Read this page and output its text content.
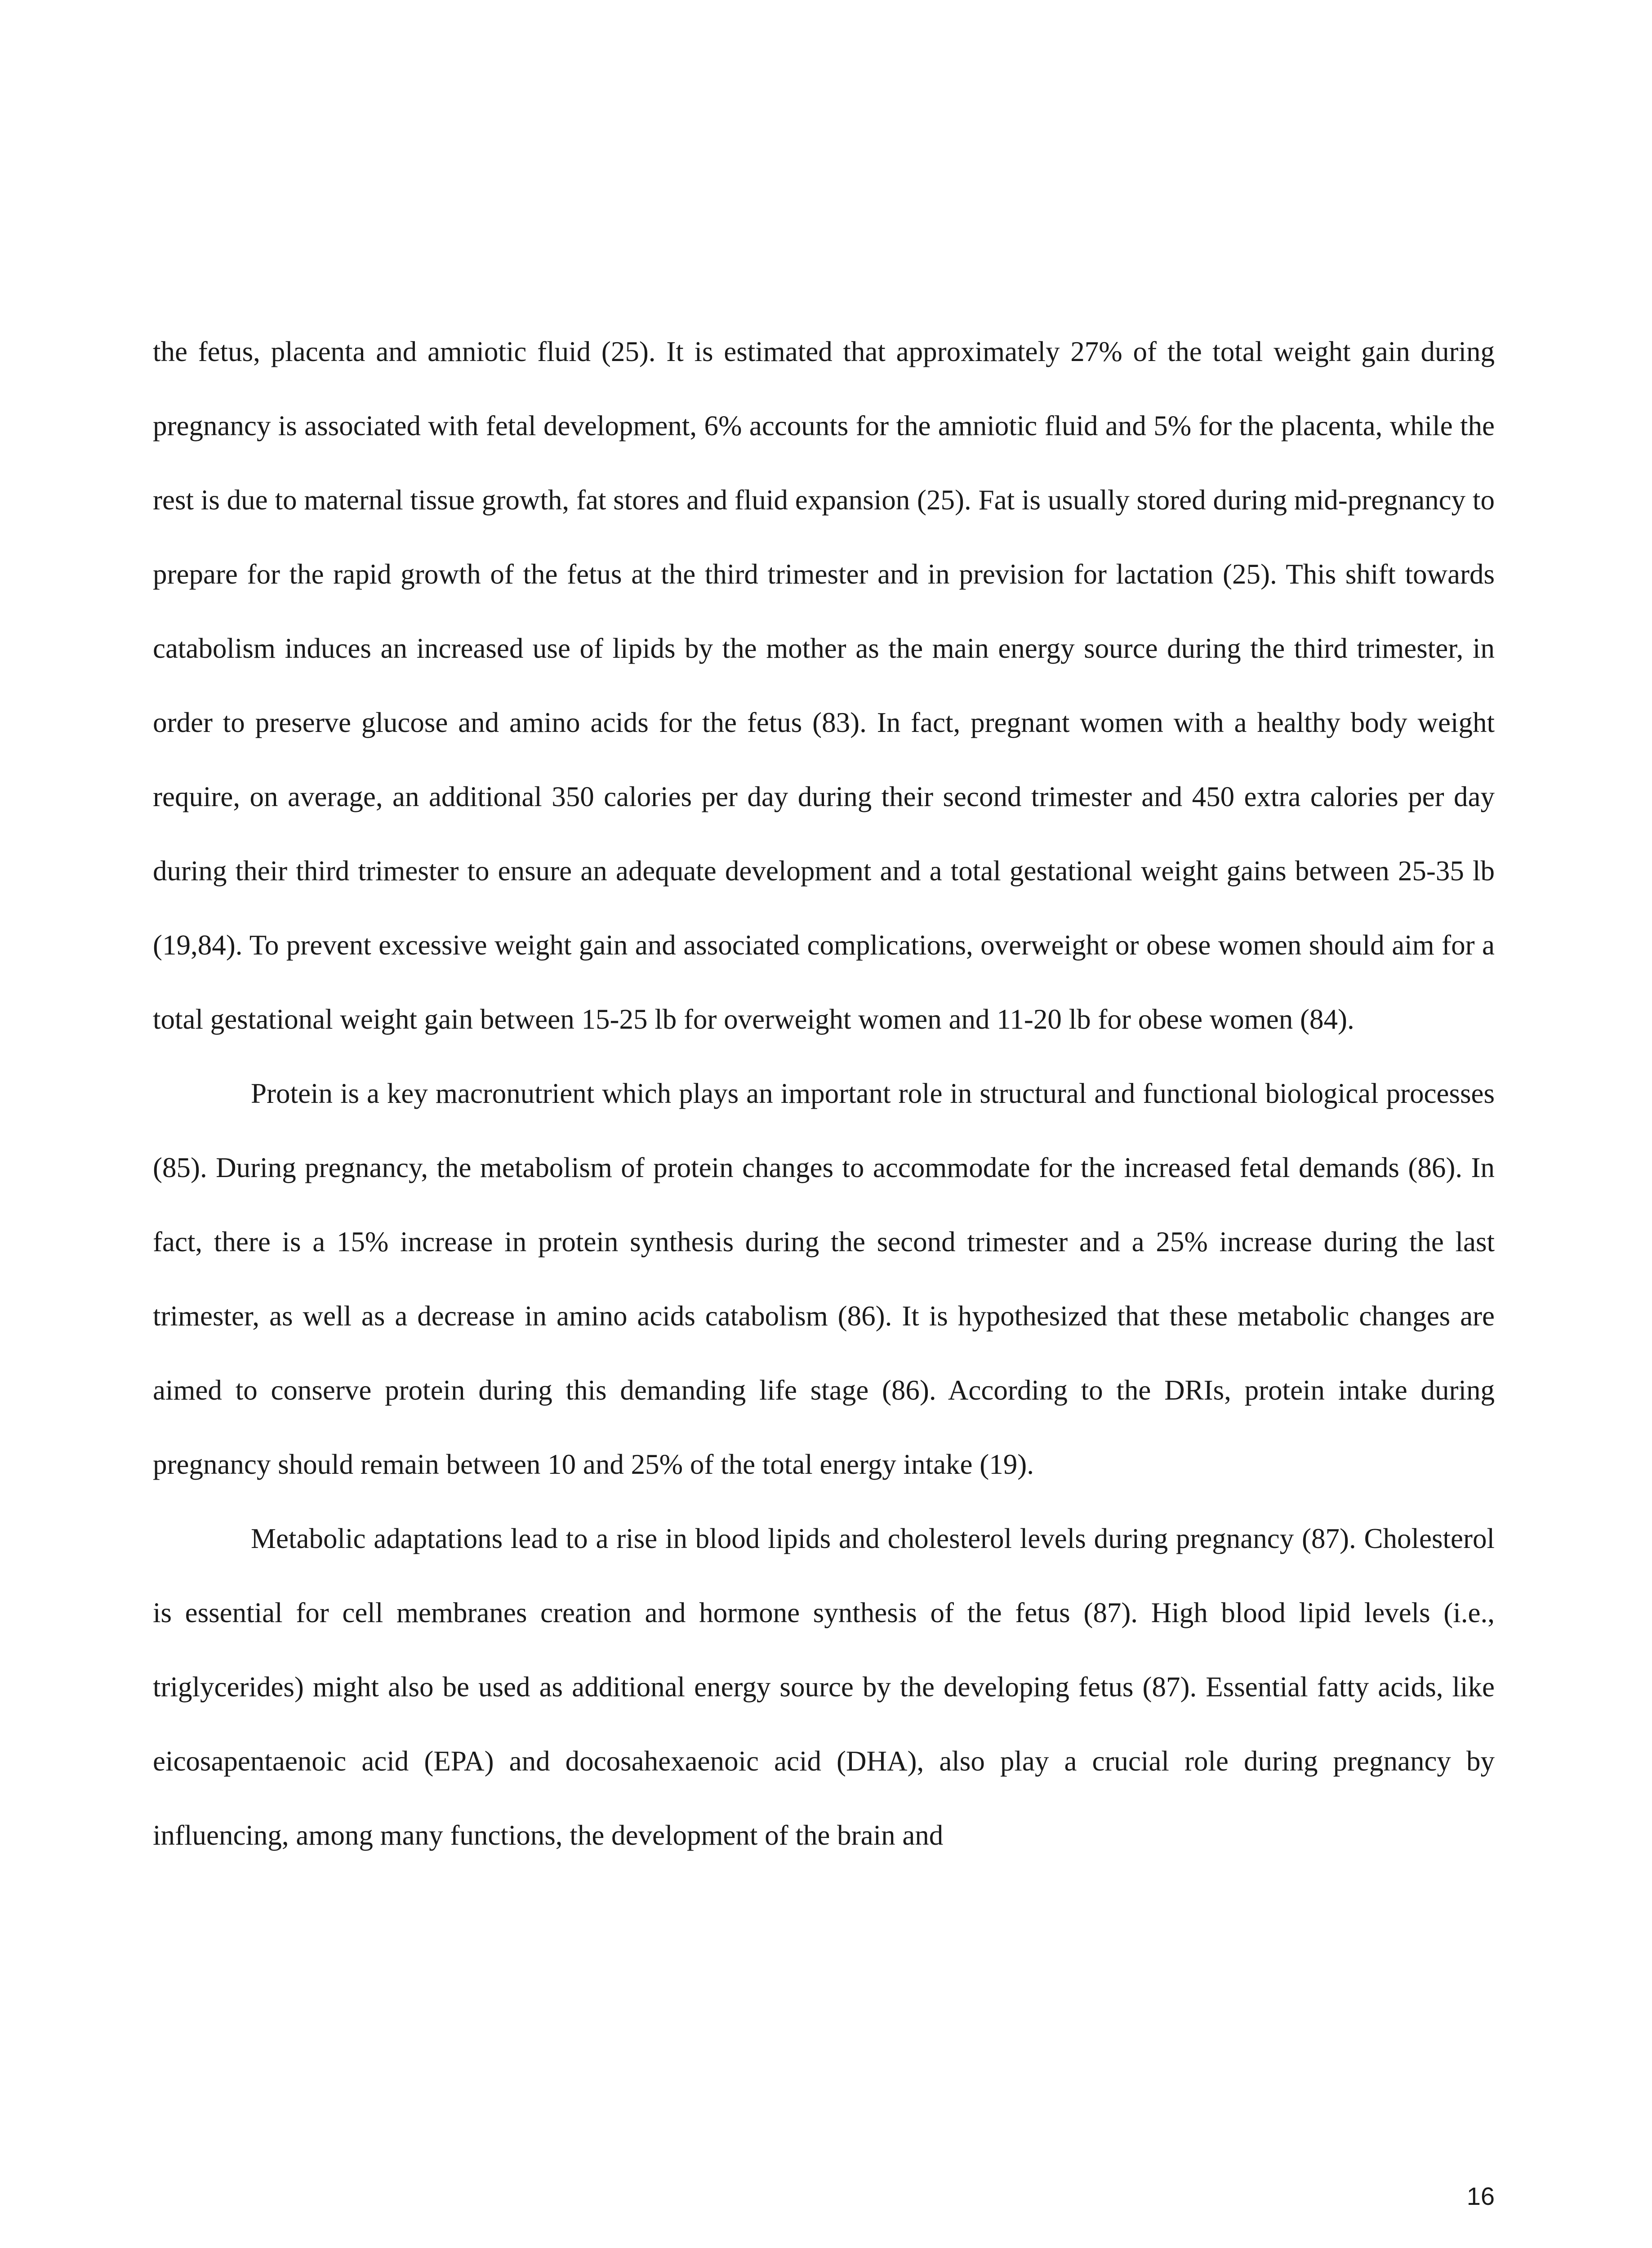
the fetus, placenta and amniotic fluid (25). It is estimated that approximately 27% of the total weight gain during pregnancy is associated with fetal development, 6% accounts for the amniotic fluid and 5% for the placenta, while the rest is due to maternal tissue growth, fat stores and fluid expansion (25). Fat is usually stored during mid-pregnancy to prepare for the rapid growth of the fetus at the third trimester and in prevision for lactation (25). This shift towards catabolism induces an increased use of lipids by the mother as the main energy source during the third trimester, in order to preserve glucose and amino acids for the fetus (83). In fact, pregnant women with a healthy body weight require, on average, an additional 350 calories per day during their second trimester and 450 extra calories per day during their third trimester to ensure an adequate development and a total gestational weight gains between 25-35 lb (19,84). To prevent excessive weight gain and associated complications, overweight or obese women should aim for a total gestational weight gain between 15-25 lb for overweight women and 11-20 lb for obese women (84).

Protein is a key macronutrient which plays an important role in structural and functional biological processes (85). During pregnancy, the metabolism of protein changes to accommodate for the increased fetal demands (86). In fact, there is a 15% increase in protein synthesis during the second trimester and a 25% increase during the last trimester, as well as a decrease in amino acids catabolism (86). It is hypothesized that these metabolic changes are aimed to conserve protein during this demanding life stage (86). According to the DRIs, protein intake during pregnancy should remain between 10 and 25% of the total energy intake (19).

Metabolic adaptations lead to a rise in blood lipids and cholesterol levels during pregnancy (87). Cholesterol is essential for cell membranes creation and hormone synthesis of the fetus (87). High blood lipid levels (i.e., triglycerides) might also be used as additional energy source by the developing fetus (87). Essential fatty acids, like eicosapentaenoic acid (EPA) and docosahexaenoic acid (DHA), also play a crucial role during pregnancy by influencing, among many functions, the development of the brain and

16
